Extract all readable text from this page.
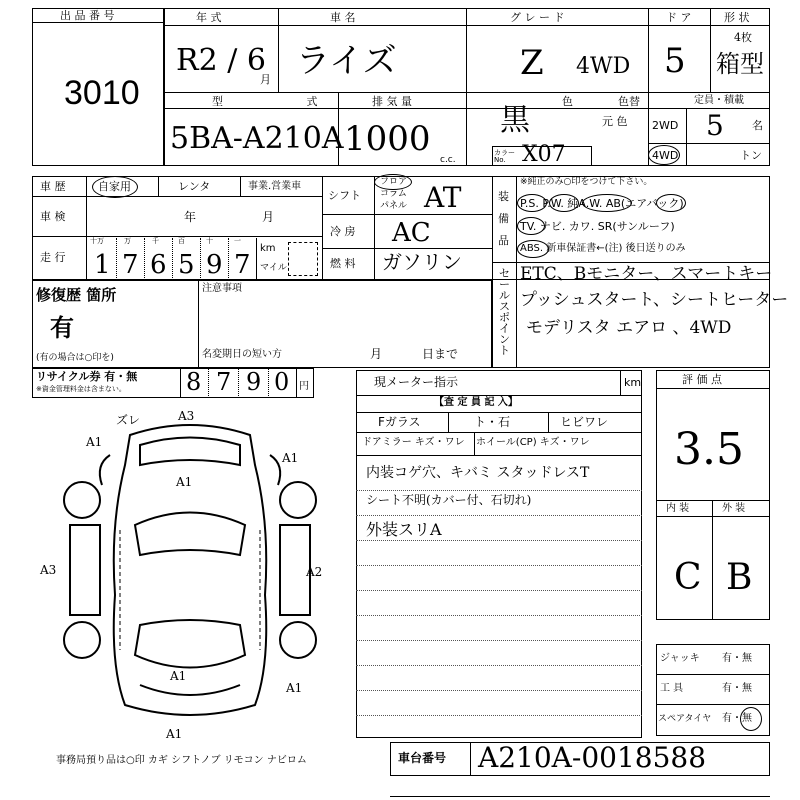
出 品 番 号
3010
年 式
R2 / 6
月
車 名
ライズ
グ レ ー ド
Z 4WD
ド ア
5
形 状
4枚
箱型
型 式
5BA-A210A
排 気 量
1000
c.c.
色	色替
元 色
黒
カラー No. X07
定員・積載
2WD
4WD
5	名
トン
車 歴	自家用	レンタ	事業.営業車
車 検	年	月
走 行
十万	万	千	百	十	一
1 7 6 5 9 7
km
マイル
シフト
フロア
コラム
パネル AT
冷 房 AC
燃 料 ガソリン
装 備 品
※純正のみ○印をつけて下さい。
P.S. P.W. 純A.W. AB(エアバック)
TV. ナビ. カワ. SR(サンルーフ)
ABS. 新車保証書←(注) 後日送りのみ
修復歴 箇所
有
(有の場合は○印を)
注意事項
名変期日の短い方	月	日まで
セールスポイント
ETC、Bモニター、スマートキー
プッシュスタート、シートヒーター
モデリスタ エアロ 、4WD
リサイクル券 有・無
※資金管理料金は含まない。	8 7 9 0 円
ズレ	A3
A1
A1
A1
A3	A2
A1
A1
A1
事務局預り品は○印 カギ シフトノブ リモコン ナビロム
現メーター指示	km
【査 定 員 記 入】
Fガラス	ト・石	ヒビワレ
ドアミラー キズ・ワレ ホイール(CP) キズ・ワレ
内装コゲ穴、キバミ スタッドレスT
シート不明(カバー付、石切れ)
外装スリA
評 価 点
3.5
内 装	外 装
C B
ジャッキ 有・無
工 具	有・無
スペアタイヤ 有・無
車台番号 A210A-0018588
